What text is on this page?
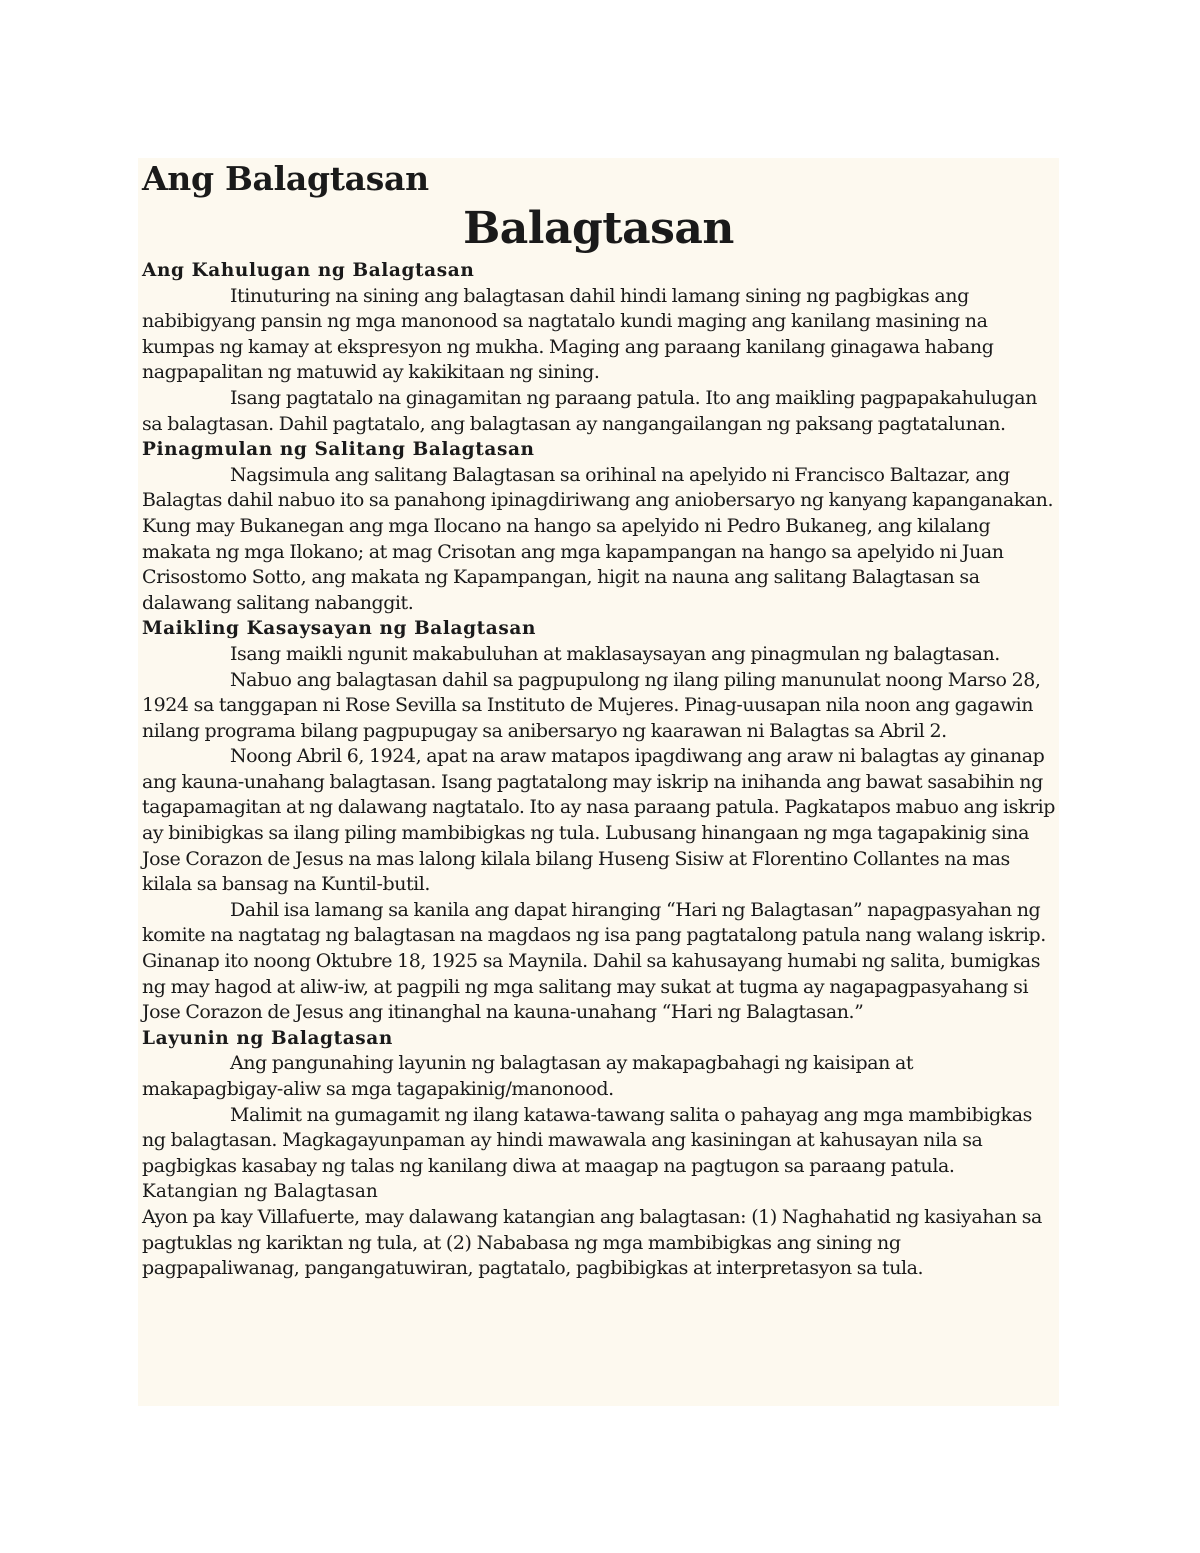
Ang Balagtasan
Balagtasan
Ang Kahulugan ng Balagtasan

Itinuturing na sining ang balagtasan dahil hindi lamang sining ng pagbigkas ang nabibigyang pansin ng mga manonood sa nagtatalo kundi maging ang kanilang masining na kumpas ng kamay at ekspresyon ng mukha. Maging ang paraang kanilang ginagawa habang nagpapalitan ng matuwid ay kakikitaan ng sining.

Isang pagtatalo na ginagamitan ng paraang patula. Ito ang maikling pagpapakahulugan sa balagtasan. Dahil pagtatalo, ang balagtasan ay nangangailangan ng paksang pagtatalunan.

Pinagmulan ng Salitang Balagtasan

Nagsimula ang salitang Balagtasan sa orihinal na apelyido ni Francisco Baltazar, ang Balagtas dahil nabuo ito sa panahong ipinagdiriwang ang aniobersaryo ng kanyang kapanganakan. Kung may Bukanegan ang mga Ilocano na hango sa apelyido ni Pedro Bukaneg, ang kilalang makata ng mga Ilokano; at mag Crisotan ang mga kapampangan na hango sa apelyido ni Juan Crisostomo Sotto, ang makata ng Kapampangan, higit na nauna ang salitang Balagtasan sa dalawang salitang nabanggit.

Maikling Kasaysayan ng Balagtasan

Isang maikli ngunit makabuluhan at maklasaysayan ang pinagmulan ng balagtasan.

Nabuo ang balagtasan dahil sa pagpupulong ng ilang piling manunulat noong Marso 28, 1924 sa tanggapan ni Rose Sevilla sa Instituto de Mujeres. Pinag-uusapan nila noon ang gagawin nilang programa bilang pagpupugay sa anibersaryo ng kaarawan ni Balagtas sa Abril 2.

Noong Abril 6, 1924, apat na araw matapos ipagdiwang ang araw ni balagtas ay ginanap ang kauna-unahang balagtasan. Isang pagtatalong may iskrip na inihanda ang bawat sasabihin ng tagapamagitan at ng dalawang nagtatalo. Ito ay nasa paraang patula. Pagkatapos mabuo ang iskrip ay binibigkas sa ilang piling mambibigkas ng tula. Lubusang hinangaan ng mga tagapakinig sina Jose Corazon de Jesus na mas lalong kilala bilang Huseng Sisiw at Florentino Collantes na mas kilala sa bansag na Kuntil-butil.

Dahil isa lamang sa kanila ang dapat hiranging “Hari ng Balagtasan” napagpasyahan ng komite na nagtatag ng balagtasan na magdaos ng isa pang pagtatalong patula nang walang iskrip. Ginanap ito noong Oktubre 18, 1925 sa Maynila. Dahil sa kahusayang humabi ng salita, bumigkas ng may hagod at aliw-iw, at pagpili ng mga salitang may sukat at tugma ay nagapagpasyahang si Jose Corazon de Jesus ang itinanghal na kauna-unahang “Hari ng Balagtasan.”

Layunin ng Balagtasan

Ang pangunahing layunin ng balagtasan ay makapagbahagi ng kaisipan at makapagbigay-aliw sa mga tagapakinig/manonood.

Malimit na gumagamit ng ilang katawa-tawang salita o pahayag ang mga mambibigkas ng balagtasan. Magkagayunpaman ay hindi mawawala ang kasiningan at kahusayan nila sa pagbigkas kasabay ng talas ng kanilang diwa at maagap na pagtugon sa paraang patula.

Katangian ng Balagtasan

Ayon pa kay Villafuerte, may dalawang katangian ang balagtasan: (1) Naghahatid ng kasiyahan sa pagtuklas ng kariktan ng tula, at (2) Nababasa ng mga mambibigkas ang sining ng pagpapaliwanag, pangangatuwiran, pagtatalo, pagbibigkas at interpretasyon sa tula.
